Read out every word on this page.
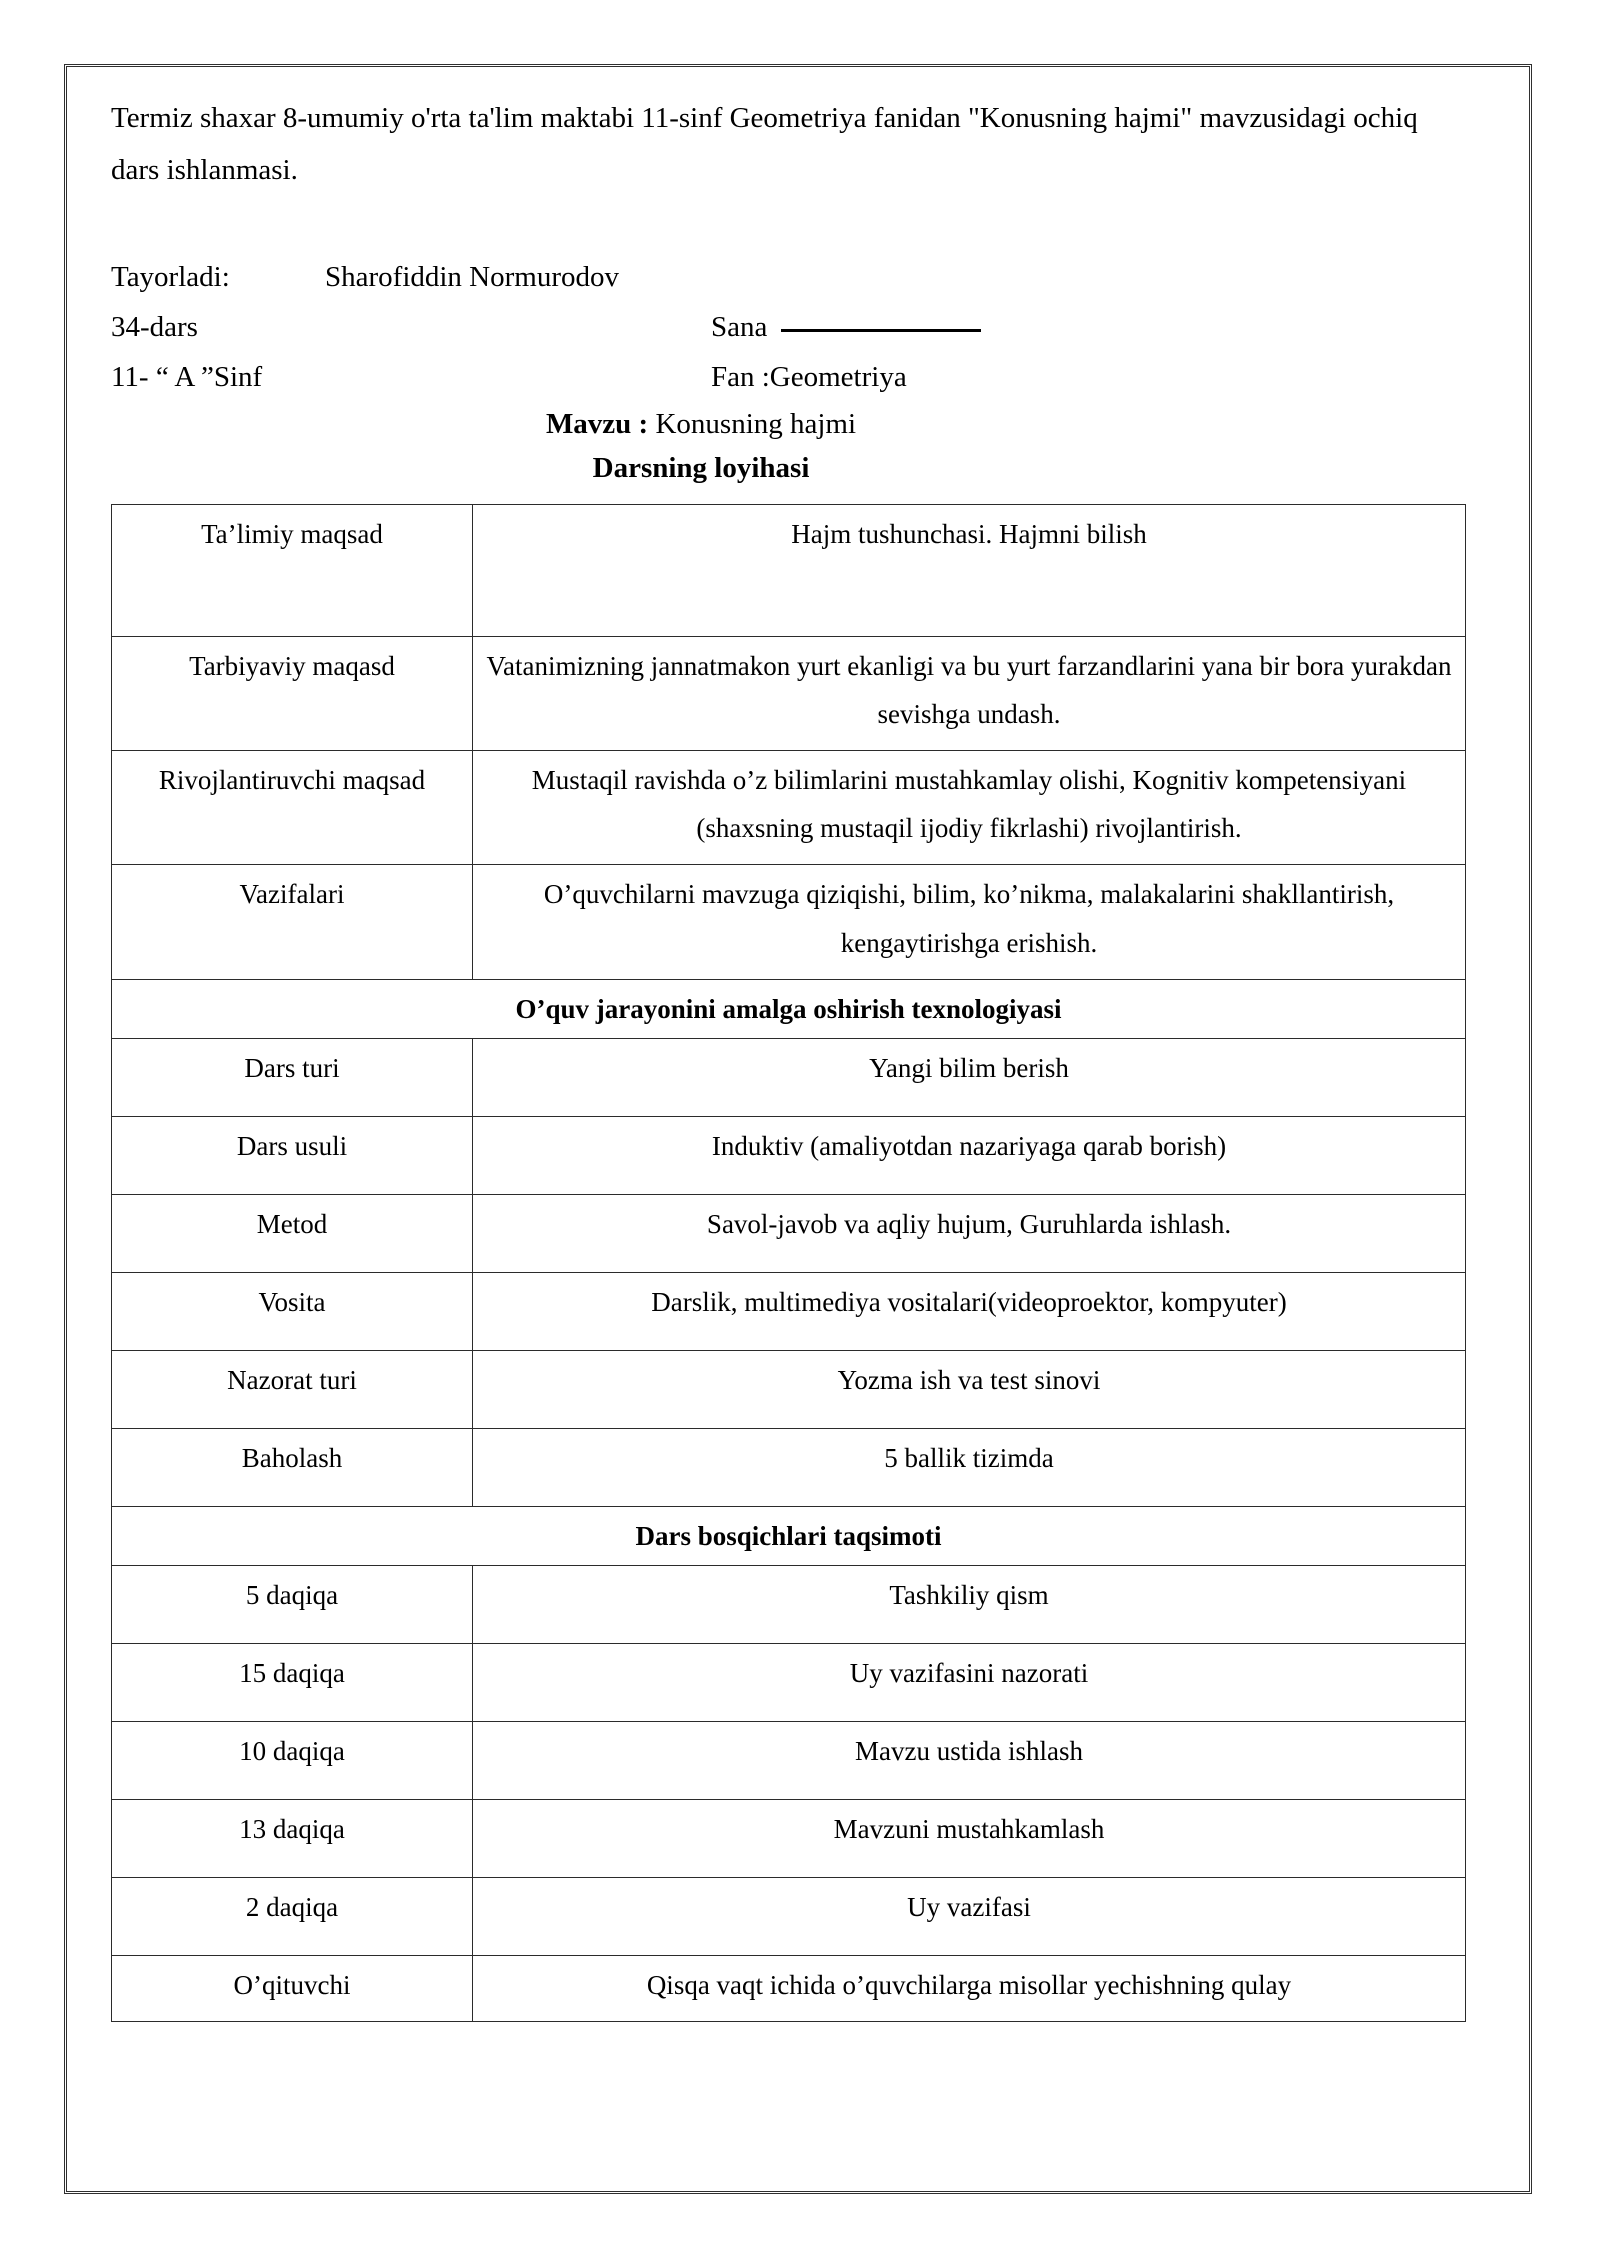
Termiz shaxar 8-umumiy o'rta ta'lim maktabi 11-sinf Geometriya fanidan "Konusning hajmi" mavzusidagi ochiq dars ishlanmasi.

Tayorladi:	Sharofiddin Normurodov
34-dars	Sana
11- “ A ”Sinf	Fan :Geometriya

Mavzu : Konusning hajmi

Darsning loyihasi

Ta’limiy maqsad	Hajm tushunchasi. Hajmni bilish
Tarbiyaviy maqasd	Vatanimizning jannatmakon yurt ekanligi va bu yurt farzandlarini yana bir bora yurakdan sevishga undash.
Rivojlantiruvchi maqsad	Mustaqil ravishda o’z bilimlarini mustahkamlay olishi, Kognitiv kompetensiyani (shaxsning mustaqil ijodiy fikrlashi) rivojlantirish.
Vazifalari	O’quvchilarni mavzuga qiziqishi, bilim, ko’nikma, malakalarini shakllantirish, kengaytirishga erishish.
O’quv jarayonini amalga oshirish texnologiyasi	
Dars turi	Yangi bilim berish
Dars usuli	Induktiv (amaliyotdan nazariyaga qarab borish)
Metod	Savol-javob va aqliy hujum, Guruhlarda ishlash.
Vosita	Darslik, multimediya vositalari(videoproektor, kompyuter)
Nazorat turi	Yozma ish va test sinovi
Baholash	5 ballik tizimda
Dars bosqichlari taqsimoti	
5 daqiqa	Tashkiliy qism
15 daqiqa	Uy vazifasini nazorati
10 daqiqa	Mavzu ustida ishlash
13 daqiqa	Mavzuni mustahkamlash
2 daqiqa	Uy vazifasi
O’qituvchi	Qisqa vaqt ichida o’quvchilarga misollar yechishning qulay
